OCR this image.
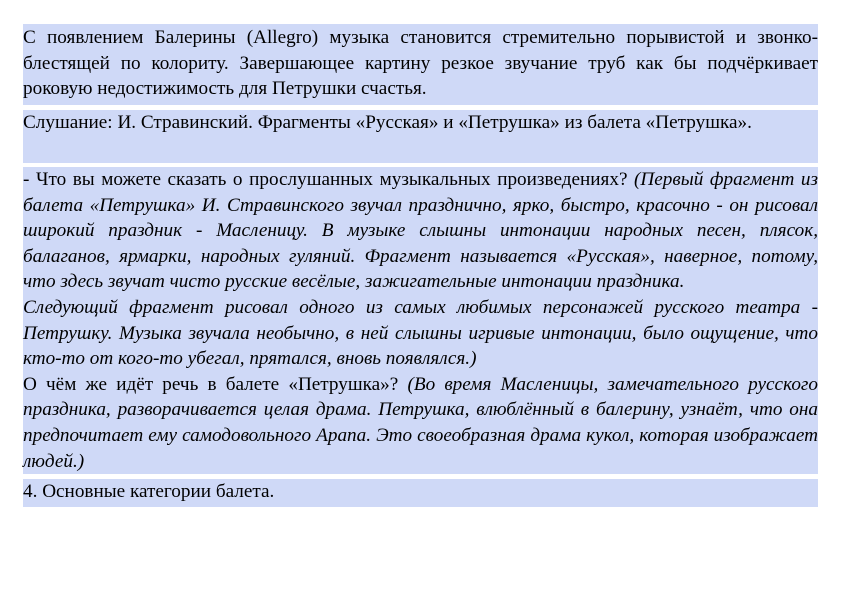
С появлением Балерины (Allegro) музыка становится стремительно порывистой и звонко-блестящей по колориту. Завершающее картину резкое звучание труб как бы подчёркивает роковую недостижимость для Петрушки счастья.

Слушание: И. Стравинский. Фрагменты «Русская» и «Петрушка» из балета «Петрушка».

- Что вы можете сказать о прослушанных музыкальных произведениях? (Первый фрагмент из балета «Петрушка» И. Стравинского звучал празднично, ярко, быстро, красочно - он рисовал широкий праздник - Масленицу. В музыке слышны интонации народных песен, плясок, балаганов, ярмарки, народных гуляний. Фрагмент называется «Русская», наверное, потому, что здесь звучат чисто русские весёлые, зажигательные интонации праздника.

Следующий фрагмент рисовал одного из самых любимых персонажей русского театра - Петрушку. Музыка звучала необычно, в ней слышны игривые интонации, было ощущение, что кто-то от кого-то убегал, прятался, вновь появлялся.)

О чём же идёт речь в балете «Петрушка»? (Во время Масленицы, замечательного русского праздника, разворачивается целая драма. Петрушка, влюблённый в балерину, узнаёт, что она предпочитает ему самодовольного Арапа. Это своеобразная драма кукол, которая изображает людей.)

4. Основные категории балета.
